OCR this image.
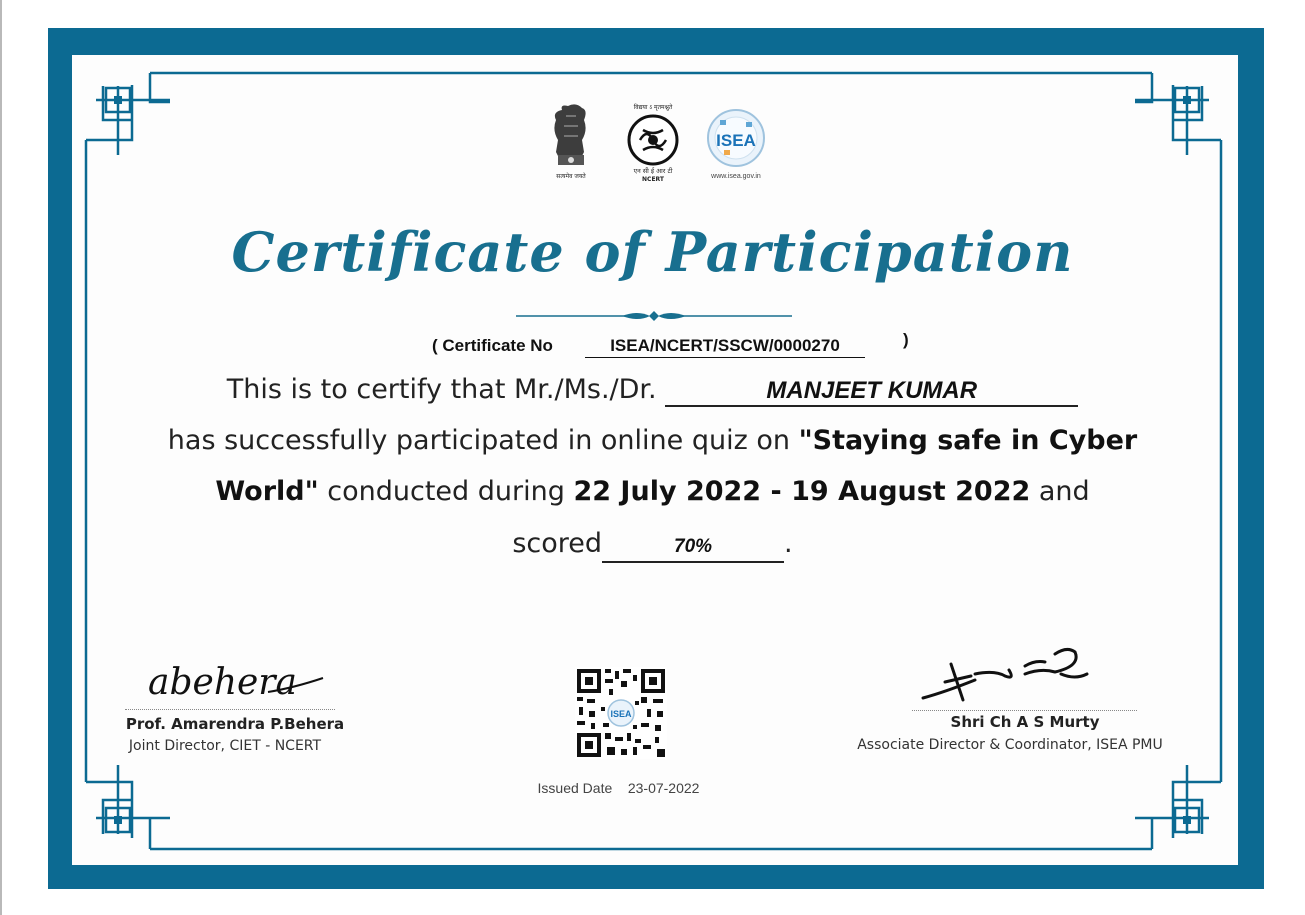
सत्यमेव जयते
विद्यया ऽ मृतमश्नुते
एन सी ई आर टी
NCERT
ISEA
www.isea.gov.in
Certificate of Participation
( Certificate No	ISEA/NCERT/SSCW/0000270	)
This is to certify that Mr./Ms./Dr.	MANJEET KUMAR
has successfully participated in online quiz on "Staying safe in Cyber
World" conducted during 22 July 2022 - 19 August 2022 and
scored	70%	.
abehera
Prof. Amarendra P.Behera
Joint Director, CIET - NCERT
ISEA
Issued Date 23-07-2022
Shri Ch A S Murty
Associate Director & Coordinator, ISEA PMU
